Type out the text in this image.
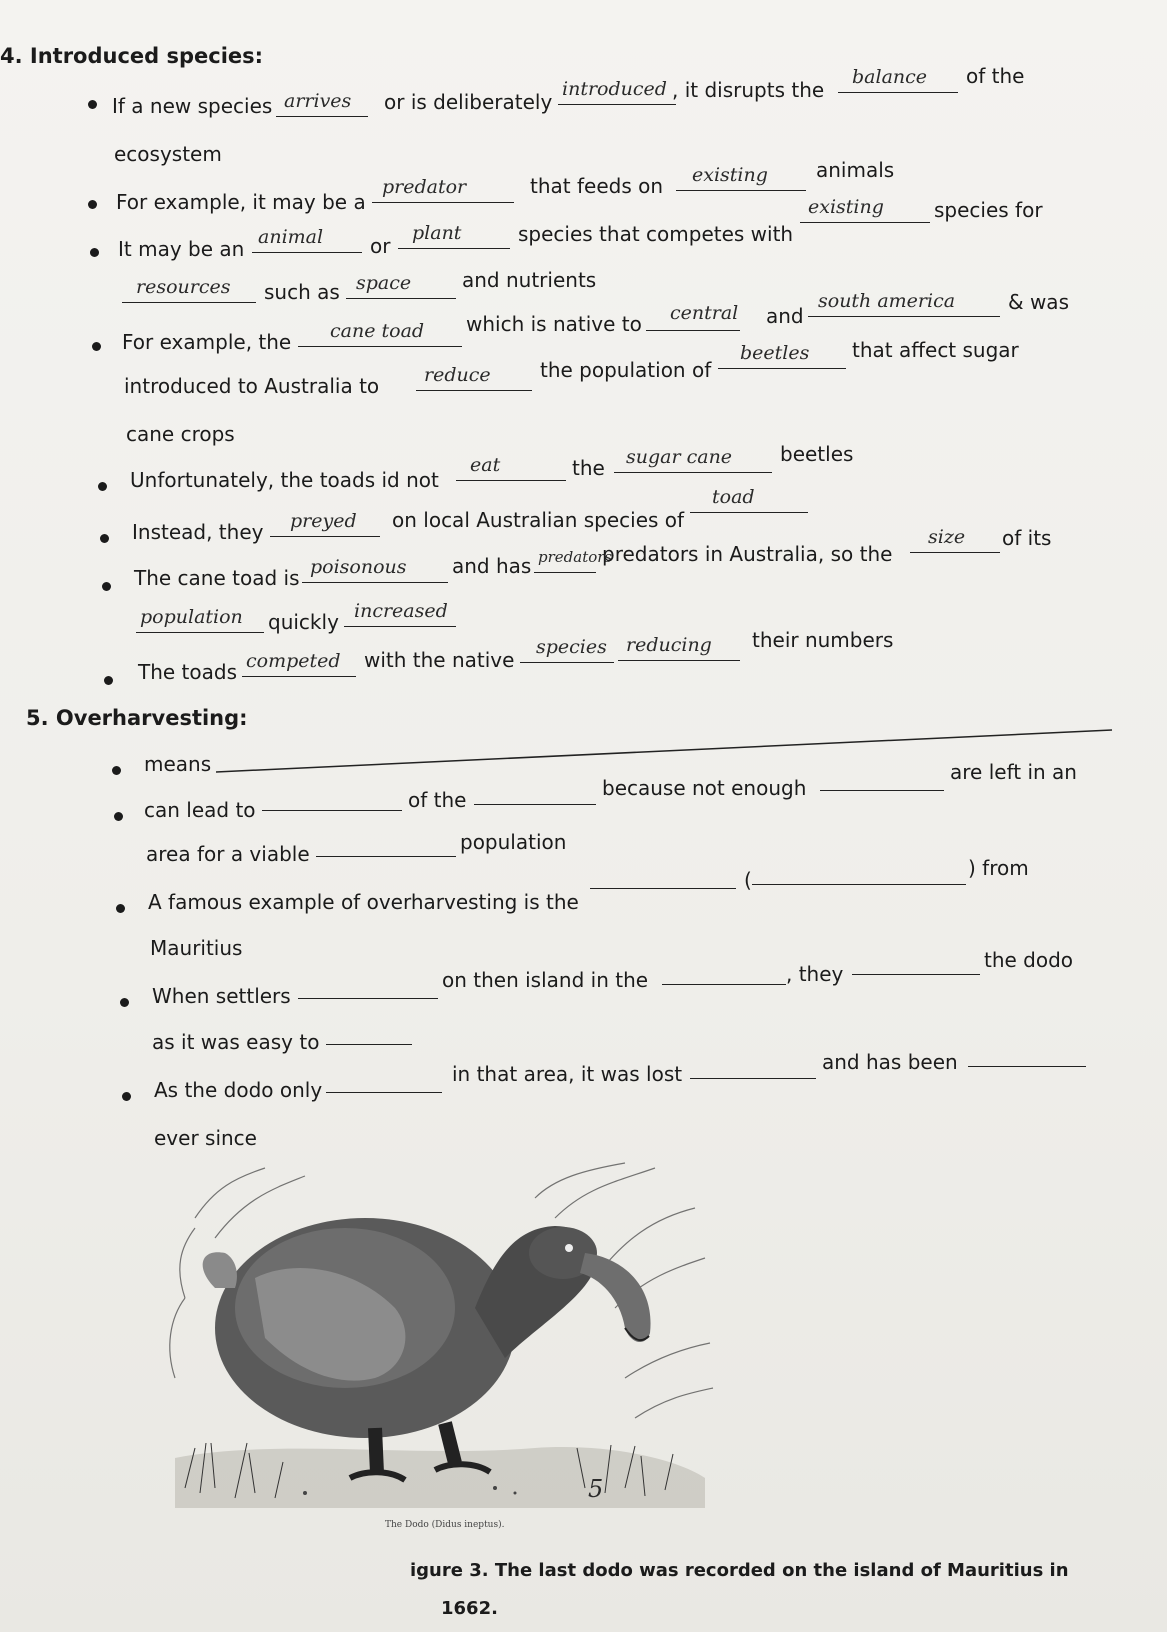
4. Introduced species:
If a new species arrives or is deliberately
introduced , it disrupts the
balance of the
ecosystem
For example, it may be a
predator	that feeds on existing animals
It may be an animal or
plant	species that competes with
existing	species for
resources such as space	and nutrients
For example, the cane toad which is native to central and
south america	& was
introduced to Australia to reduce the population of
beetles that affect sugar
cane crops
Unfortunately, the toads id not
eat	the sugar cane beetles
Instead, they preyed on local Australian species of
toad
The cane toad is poisonous and has predators
predators in Australia, so the
size of its
population quickly increased
The toads competed with the native
species reducing their numbers
5. Overharvesting:
means
can lead to	of the	because not enough
are left in an
area for a viable	population
A famous example of overharvesting is the
(	) from
Mauritius
When settlers
on then island in the	, they
the dodo
as it was easy to
As the dodo only
in that area, it was lost	and has been
ever since
The Dodo (Didus ineptus).
5
igure 3. The last dodo was recorded on the island of Mauritius in
1662.
